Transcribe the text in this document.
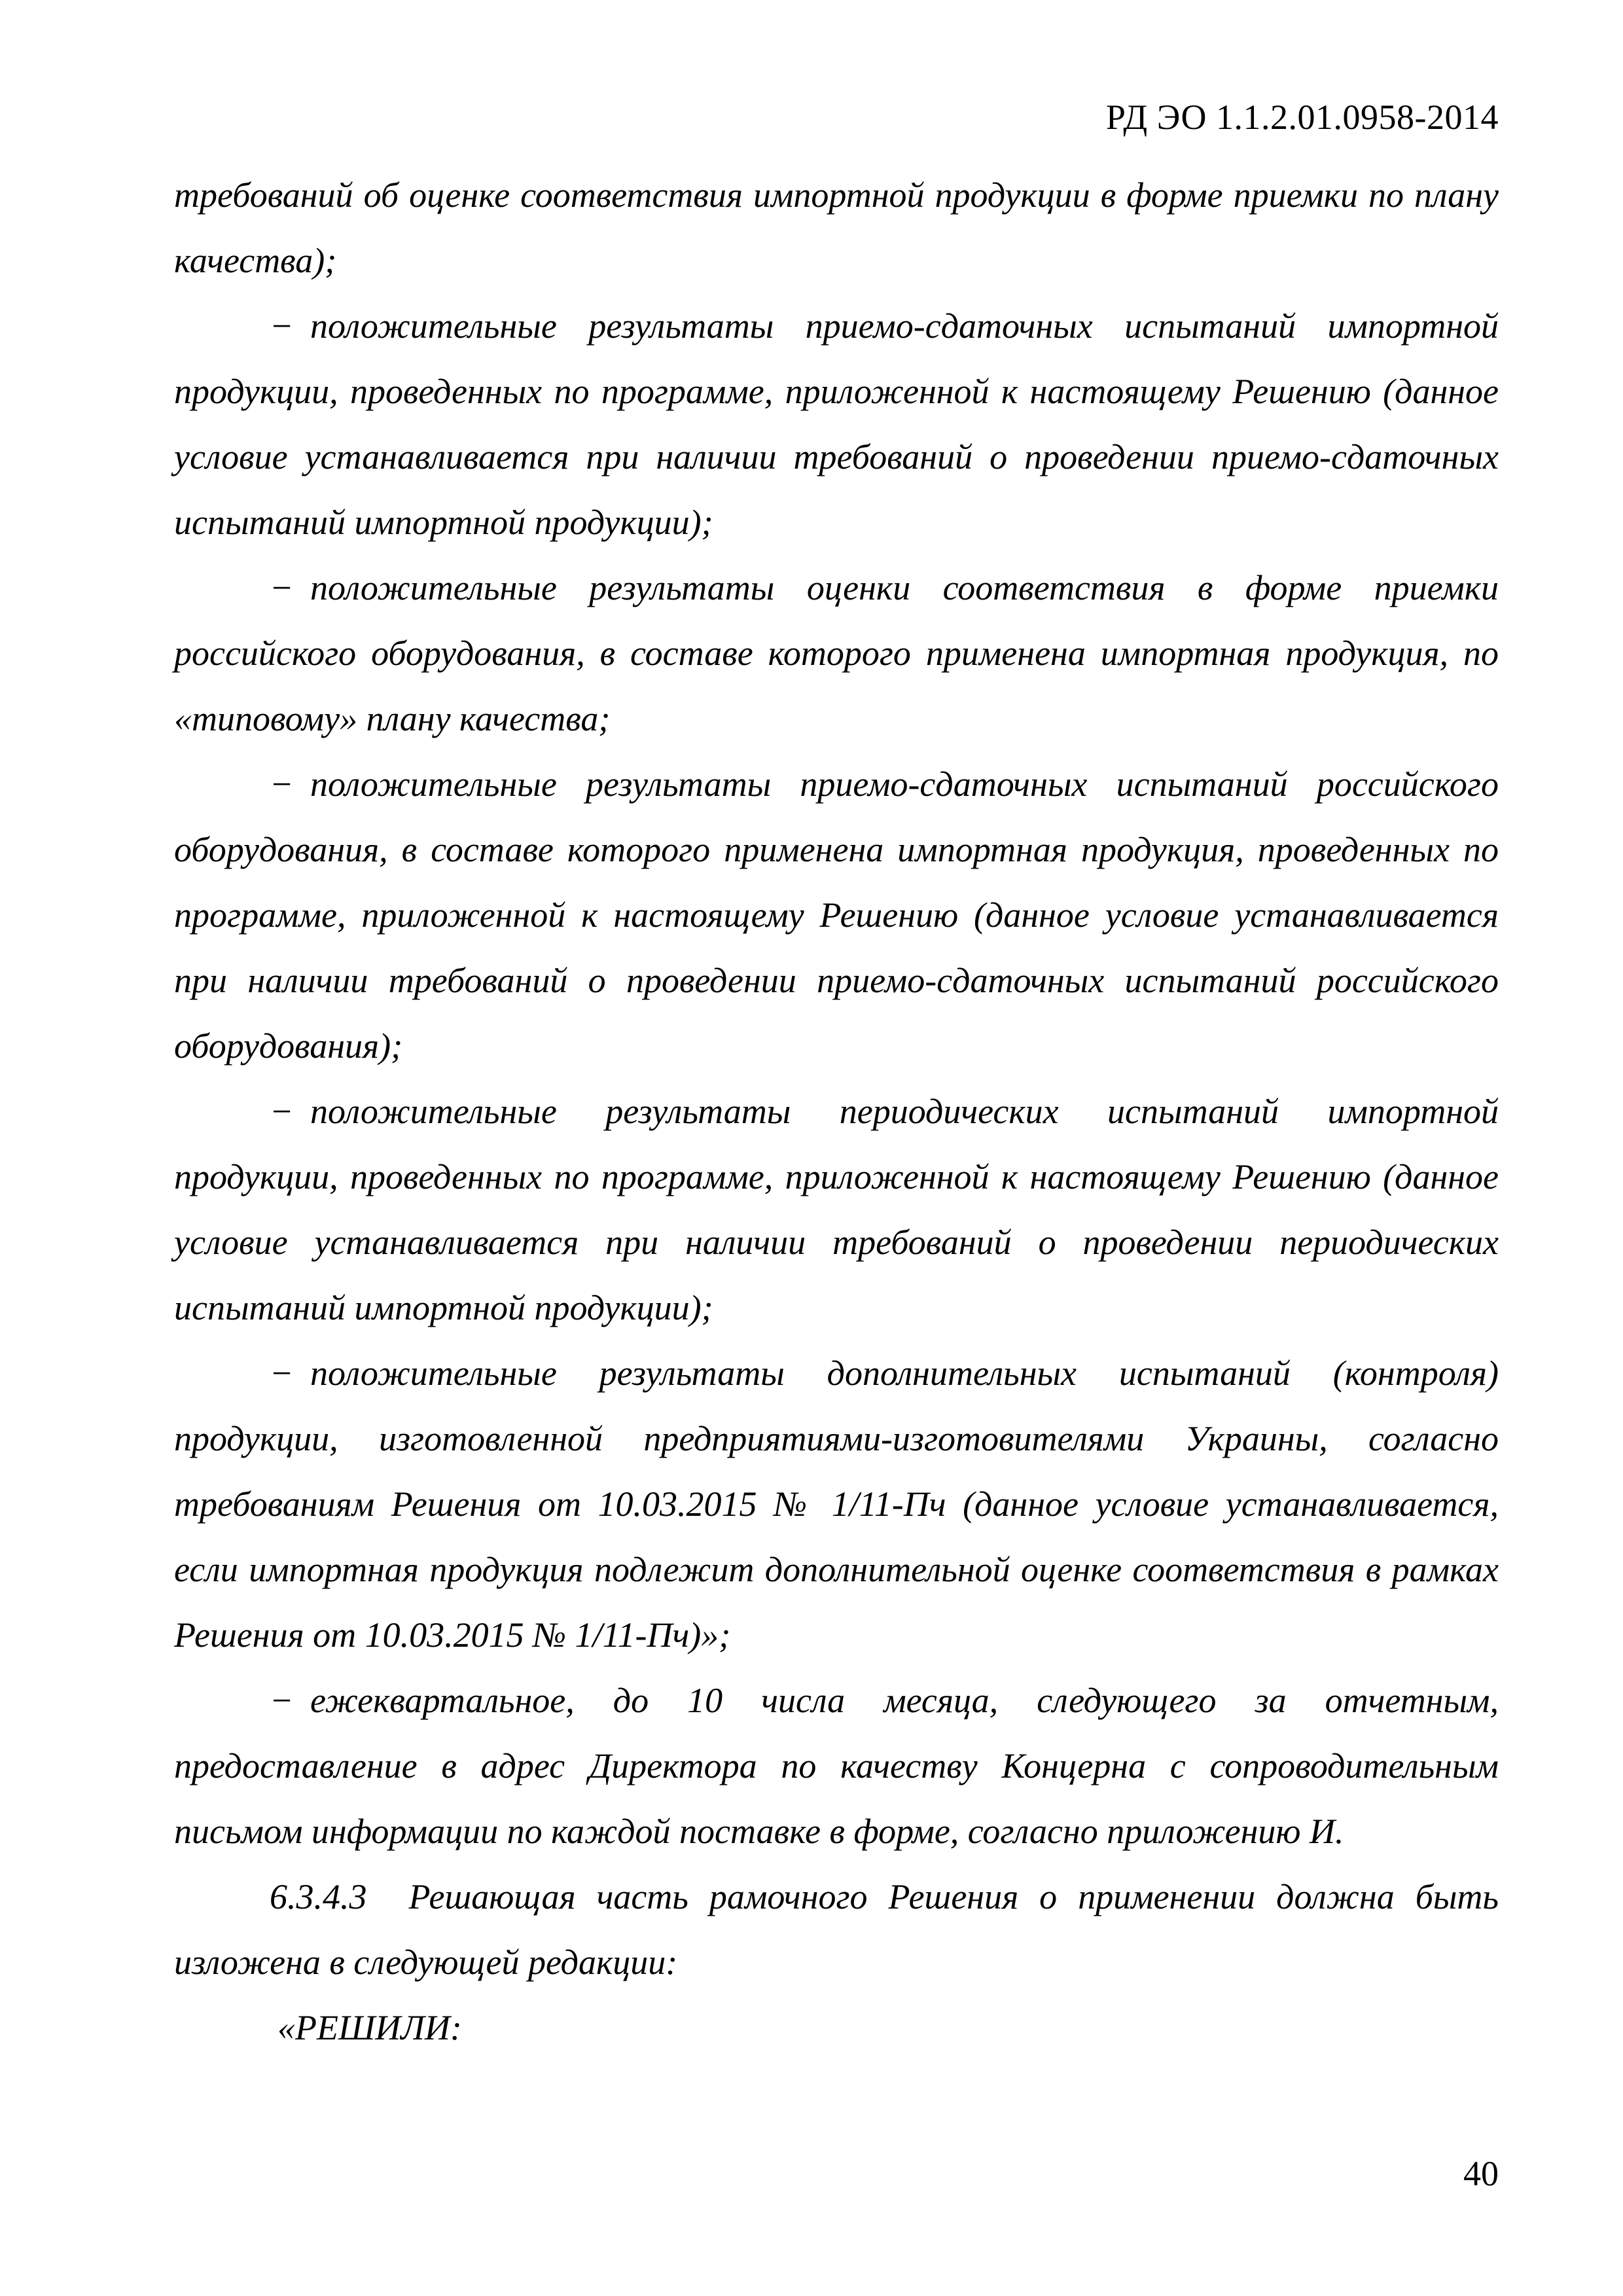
РД ЭО 1.1.2.01.0958-2014

требований об оценке соответствия импортной продукции в форме приемки по плану качества);

− положительные результаты приемо-сдаточных испытаний импортной продукции, проведенных по программе, приложенной к настоящему Решению (данное условие устанавливается при наличии требований о проведении приемо-сдаточных испытаний импортной продукции);

− положительные результаты оценки соответствия в форме приемки российского оборудования, в составе которого применена импортная продукция, по «типовому» плану качества;

− положительные результаты приемо-сдаточных испытаний российского оборудования, в составе которого применена импортная продукция, проведенных по программе, приложенной к настоящему Решению (данное условие устанавливается при наличии требований о проведении приемо-сдаточных испытаний российского оборудования);

− положительные результаты периодических испытаний импортной продукции, проведенных по программе, приложенной к настоящему Решению (данное условие устанавливается при наличии требований о проведении периодических испытаний импортной продукции);

− положительные результаты дополнительных испытаний (контроля) продукции, изготовленной предприятиями-изготовителями Украины, согласно требованиям Решения от 10.03.2015 № 1/11-Пч (данное условие устанавливается, если импортная продукция подлежит дополнительной оценке соответствия в рамках Решения от 10.03.2015 № 1/11-Пч)»;

− ежеквартальное, до 10 числа месяца, следующего за отчетным, предоставление в адрес Директора по качеству Концерна с сопроводительным письмом информации по каждой поставке в форме, согласно приложению И.

6.3.4.3 Решающая часть рамочного Решения о применении должна быть изложена в следующей редакции:

«РЕШИЛИ:

40
